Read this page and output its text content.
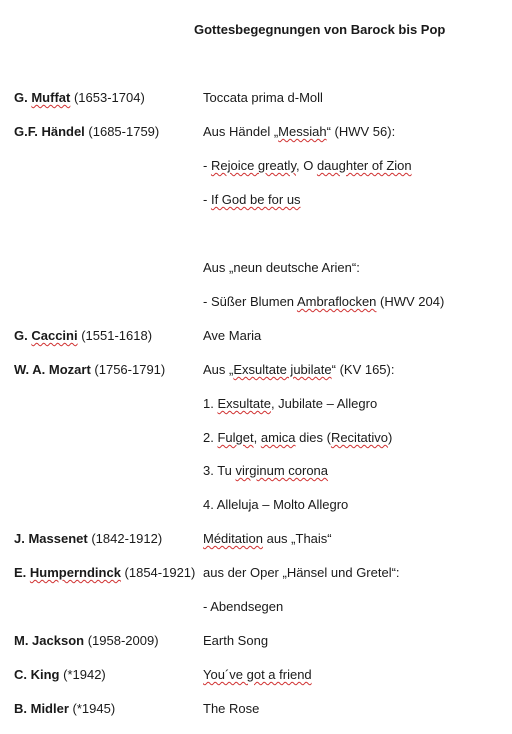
Gottesbegegnungen von Barock bis Pop
G. Muffat (1653-1704)
G.F. Händel (1685-1759)
G. Caccini (1551-1618)
W. A. Mozart (1756-1791)
J. Massenet (1842-1912)
E. Humperndinck (1854-1921)
M. Jackson (1958-2009)
C. King (*1942)
B. Midler (*1945)
Toccata prima d-Moll
Aus Händel „Messiah“ (HWV 56):
- Rejoice greatly, O daughter of Zion
- If God be for us
Aus „neun deutsche Arien“:
- Süßer Blumen Ambraflocken (HWV 204)
Ave Maria
Aus „Exsultate jubilate“ (KV 165):
1. Exsultate, Jubilate – Allegro
2. Fulget, amica dies (Recitativo)
3. Tu virginum corona
4. Alleluja – Molto Allegro
Méditation aus „Thais“
aus der Oper „Hänsel und Gretel“:
- Abendsegen
Earth Song
You´ve got a friend
The Rose
